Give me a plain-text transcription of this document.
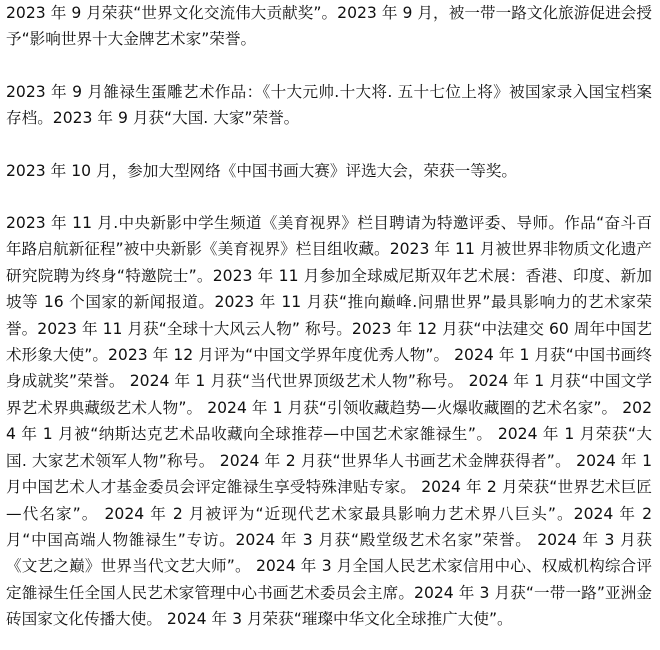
2023 年 9 月荣获“世界文化交流伟大贡献奖”。2023 年 9 月，被一带一路文化旅游促进会授予“影响世界十大金牌艺术家”荣誉。

2023 年 9 月雒禄生蛋雕艺术作品：《十大元帅.十大将. 五十七位上将》被国家录入国宝档案存档。2023 年 9 月获“大国. 大家”荣誉。

2023 年 10 月，参加大型网络《中国书画大赛》评选大会，荣获一等奖。

2023 年 11 月.中央新影中学生频道《美育视界》栏目聘请为特邀评委、导师。作品“奋斗百年路启航新征程”被中央新影《美育视界》栏目组收藏。2023 年 11 月被世界非物质文化遗产研究院聘为终身“特邀院士”。2023 年 11 月参加全球威尼斯双年艺术展：香港、印度、新加坡等 16 个国家的新闻报道。2023 年 11 月获“推向巅峰.问鼎世界”最具影响力的艺术家荣誉。2023 年 11 月获“全球十大风云人物” 称号。2023 年 12 月获“中法建交 60 周年中国艺术形象大使”。2023 年 12 月评为“中国文学界年度优秀人物”。 2024 年 1 月获“中国书画终身成就奖”荣誉。 2024 年 1 月获“当代世界顶级艺术人物”称号。 2024 年 1 月获“中国文学界艺术界典藏级艺术人物”。 2024 年 1 月获“引领收藏趋势—火爆收藏圈的艺术名家”。 2024 年 1 月被“纳斯达克艺术品收藏向全球推荐—中国艺术家雒禄生”。 2024 年 1 月荣获“大国. 大家艺术领军人物”称号。 2024 年 2 月获“世界华人书画艺术金牌获得者”。 2024 年 1 月中国艺术人才基金委员会评定雒禄生享受特殊津贴专家。 2024 年 2 月荣获“世界艺术巨匠—代名家”。 2024 年 2 月被评为“近现代艺术家最具影响力艺术界八巨头”。2024 年 2 月“中国高端人物雒禄生”专访。2024 年 3 月获“殿堂级艺术名家”荣誉。 2024 年 3 月获《文艺之巅》世界当代文艺大师”。 2024 年 3 月全国人民艺术家信用中心、权威机构综合评定雒禄生任全国人民艺术家管理中心书画艺术委员会主席。2024 年 3 月获“一带一路”亚洲金砖国家文化传播大使。 2024 年 3 月荣获“璀璨中华文化全球推广大使”。
